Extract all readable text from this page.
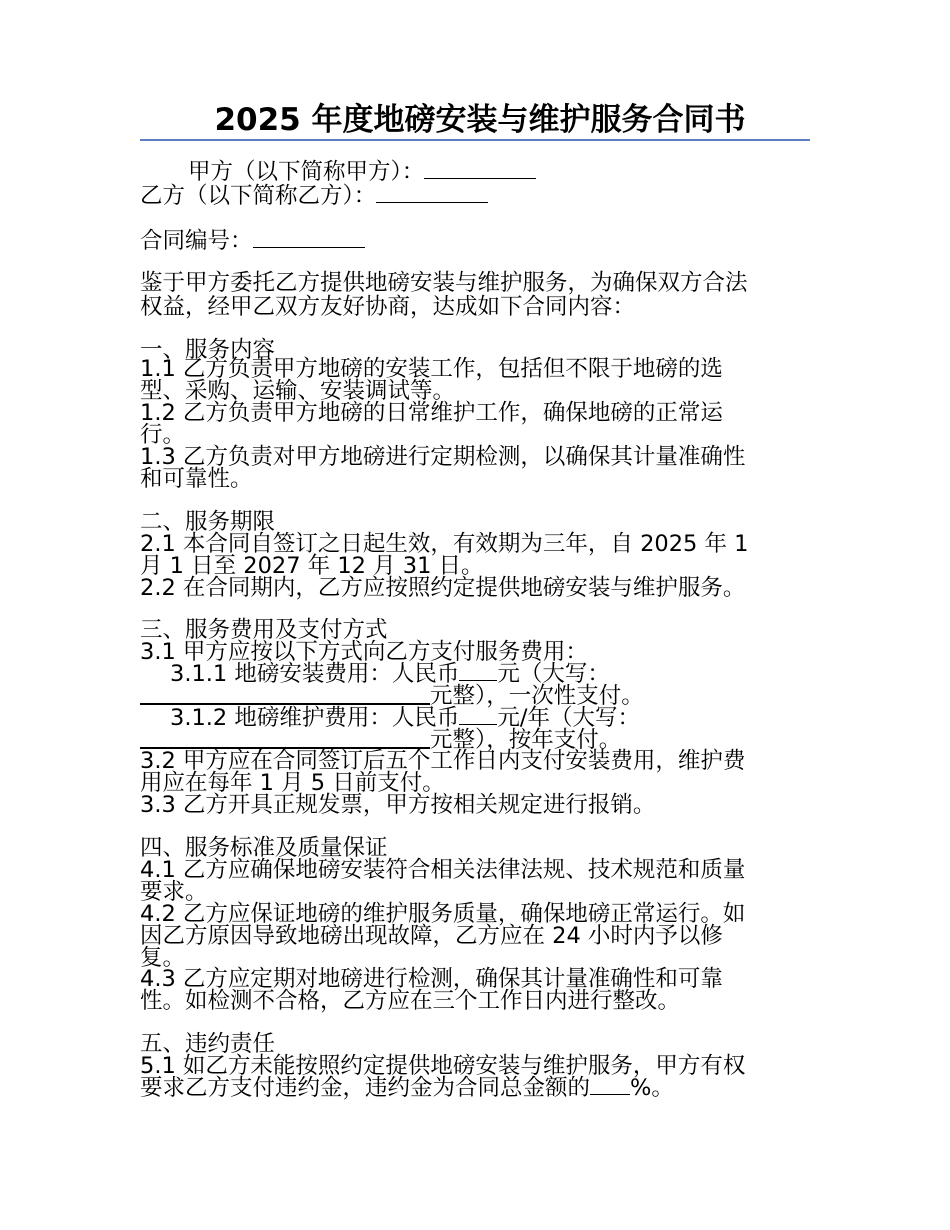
2025 年度地磅安装与维护服务合同书
甲方（以下简称甲方）：
乙方（以下简称乙方）：
合同编号：
鉴于甲方委托乙方提供地磅安装与维护服务，为确保双方合法
权益，经甲乙双方友好协商，达成如下合同内容：
一、服务内容
1.1 乙方负责甲方地磅的安装工作，包括但不限于地磅的选
型、采购、运输、安装调试等。
1.2 乙方负责甲方地磅的日常维护工作，确保地磅的正常运
行。
1.3 乙方负责对甲方地磅进行定期检测，以确保其计量准确性
和可靠性。
二、服务期限
2.1 本合同自签订之日起生效，有效期为三年，自 2025 年 1
月 1 日至 2027 年 12 月 31 日。
2.2 在合同期内，乙方应按照约定提供地磅安装与维护服务。
三、服务费用及支付方式
3.1 甲方应按以下方式向乙方支付服务费用：
3.1.1 地磅安装费用：人民币 元（大写：
元整），一次性支付。
3.1.2 地磅维护费用：人民币 元/年（大写：
元整），按年支付。
3.2 甲方应在合同签订后五个工作日内支付安装费用，维护费
用应在每年 1 月 5 日前支付。
3.3 乙方开具正规发票，甲方按相关规定进行报销。
四、服务标准及质量保证
4.1 乙方应确保地磅安装符合相关法律法规、技术规范和质量
要求。
4.2 乙方应保证地磅的维护服务质量，确保地磅正常运行。如
因乙方原因导致地磅出现故障，乙方应在 24 小时内予以修
复。
4.3 乙方应定期对地磅进行检测，确保其计量准确性和可靠
性。如检测不合格，乙方应在三个工作日内进行整改。
五、违约责任
5.1 如乙方未能按照约定提供地磅安装与维护服务，甲方有权
要求乙方支付违约金，违约金为合同总金额的 %。
